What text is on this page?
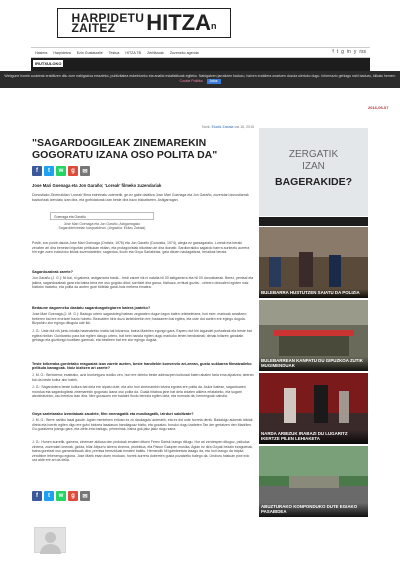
HARPIDETU
ZAITEZ	HITZA n
Hasiera Harpidetza Ezin Gustatzaile Testua HITZA TB Zerbitzuak Zuzeneko agenda	f t g in y rss
IRUTXULOKO
Webgune honek cookieak erabiltzen ditu zure nabigazioa errazteko, publizitatea eskeintzeko eta analisi estatistikoak egiteko. Nabigatzen jarraitzen baduzu, haiven erabilera onartzen duzula ulertuko dugu. Informazio gehiago nahi baduzu, klikatu hemen: Cookie Politika Ados
2016-06-07
Nork: Ekaitz Zabala ost.16, 2015
"SAGARDOGILEAK ZINEMAREKIN GOGORATU IZANA OSO POLITA DA"
f	t	w	g	✉
Jose Mari Goenaga eta Jon Garaño; 'Loreak' filmeko zuzendariak

Donostiako Zinemaldian 'Loreak' filma estreinatu zutenetik, ge-ez gabe dabiltza Jose Mari Goenaga eta Jon Garaño; zuzendari donostiarrak bazkortzak izendatu izan dira, eta gorbidaturak izan beste dira bazo bizkaitarren, Astigarragan.

Goenaga eta Garaño
Jose Mari Goenaga eta Jon Garaño, Astigarragako Sagardotetxeetan kanpoaldean. (Argazkia: Ekitzu Zabala)

Posib, zoo posib dauda Jose Mari Goenaga (Ordizia, 1976) eta Jon Garaño (Donostia, 1974), alegia ez gazsagarako. Loreak eta beraki zeozten ari dira benetan irigurtan petikukan ekitan, eta protagonistak bikotean ari dira ikonatir. Sardiorrakiko sagardo barrra aurkeztu aurrera hiri egin zuen irutxuloko ikkiak zuzendariekin; sagardoa, tixotx eta Goya Sariaketaz, gaia dituen hautagaitzaz, beraikak beraia.

Sagardozaleak zarete?

Jon Garaño (J. G.): Ni bai, ni gainera, astigarrarra banik... bedi zaizet nik ni natalia hil 00 astigarrarra eta hil 00 donostiarrak. Berez, pentsal eta jakina, sagardozaleak gara eta balea bera ere oso gogoko ditut; sorritzet dira garoa, bizikaza, erritual guztia... urteero dexualeni egoten naiz bizitoko hasteko, eta polita da aurten gure bidelak garai-hoiz mekera ematea.

Bedaune dagoeneko dastatu sagardoagotegiaren batera joateko?

Jose Mari Goenaga (J. M. G.): Badugu urtero sagardotegi batean zegaraten dugun lagun baten urtebetetzea; hori ezer, markoak amaitzen; beberen bai ere erortzeri bazio hobeto. Bezuaiten hiriz duzu lanteideekin ere; badaarren bal egitea, eta uste dut aurten ere egingo dugula. Bizpahiru ziur egingo ditugula ude ikk.

J. G.: Uste dut nik juntu inkalta hasteatzeko inatia hal hitzarrua, baina Madrilen egongo gara. Espero dut hiri lagundet portzaleak eta beste bat egitea ninikin. Guirianeko para bar egiten dizugu urtero, bat bein handia egiten dugu markoko tehen bendraleak; denak txitaren garakale, gehiago eta guztiongo koalkien garenak, eta bestieen bat ere ziur egingo dugula.

Teste txiberaka gordetako reaguaiak izan zarete aurten, beste handiekin konverzio ari-zeean, gustu sukkarea ﬁlmatzaileko pelikula banagoak. Noiz bizitzen ari zarete?

J. M. G.: Berbizena; esateako, aziz bunketgura nuolko zen, hori ere deleko beste adierazpen kulturaal baten abalen faria ema aipatzea; aberan bai da beste kultur alor batek,

J. G.: Sagardotera beste kultura bat dela ere aipatu dute, eta alor hori zinemarekin lotzea egotea ere polita da. Askor batean, sagardoaren mundua eta sagardogileak zinemarekin gogoratu izana oso polita da. Guala hitaboa jane bat dela zidaten alkiera erlatakeko, eta sugarri atzokiratzean, oso bereiza izan dira. Nire gurasoen ere badaini itxoto berezia egiten dela, eta normala da; hemengoak oaindia.

Goya sarietarako izendatuak zaudete, ﬁlm onenagatik eta musikagatik, izirduri sabiltzate?

J. M. G.: Berre nahiko lasai gaude. Agian merketxen erituan ez zu daukagutu auterarik, eta ez dut uste horrela denik. Badakigu aukerak txikiak direla eta horrek egiten digu ere gutxi biotzea lasaiasun handiagoaz bizitu; eta gozatzu: buruko dugu izadeten Tan der gertatzen den Madrilen. Gu gozatzera joango gara, eta ziete-irria badugu, primerinak, baina guk jakz jakiz dugu sana.

J. G.: Honen aurretik, gainera, zinemarr aldiusa den protokak emateri dituen Ferez Sarisk Izango ditugu. Hor ari zerdeapen dituguz, psikuloa zinema, zuzendari onenak, gidoia, bilar Aitpurru abreru zinema, proiektua, eta Paisur Gaiupen musika, Agian ez dira Goyak bezain ezaguenak, baina guretzat oso garrantzitsuak dira; prentsa bereziduak emateri baititu. Hemendik hil igandeetara lasago da, eta hori izango da trapka zeroibine lehenengo egiona. Jose Marik esan duen moduan, horrek aurrera doberrien gusta pozatzeko balego da. Ursburu hasiuan pixe edo ura alde ere ari da delia.

f	t	w	g	✉
ZERGATIK
IZAN
BAGERAKIDE?
BULEBARRA HUSTUTZEN SAIATU DA POLIZIA
BULEBARREAN KANPATU DU GIPUZKOA ZUTIK MUGIMENDUAK
NARDA ARBIZUK IRABAZI DU LUGARITZ IKERTZE PILEN LEHIAKETA
ABUZTURAKO KONPONDUKO DUTE EGIAKO PASABIDEA
